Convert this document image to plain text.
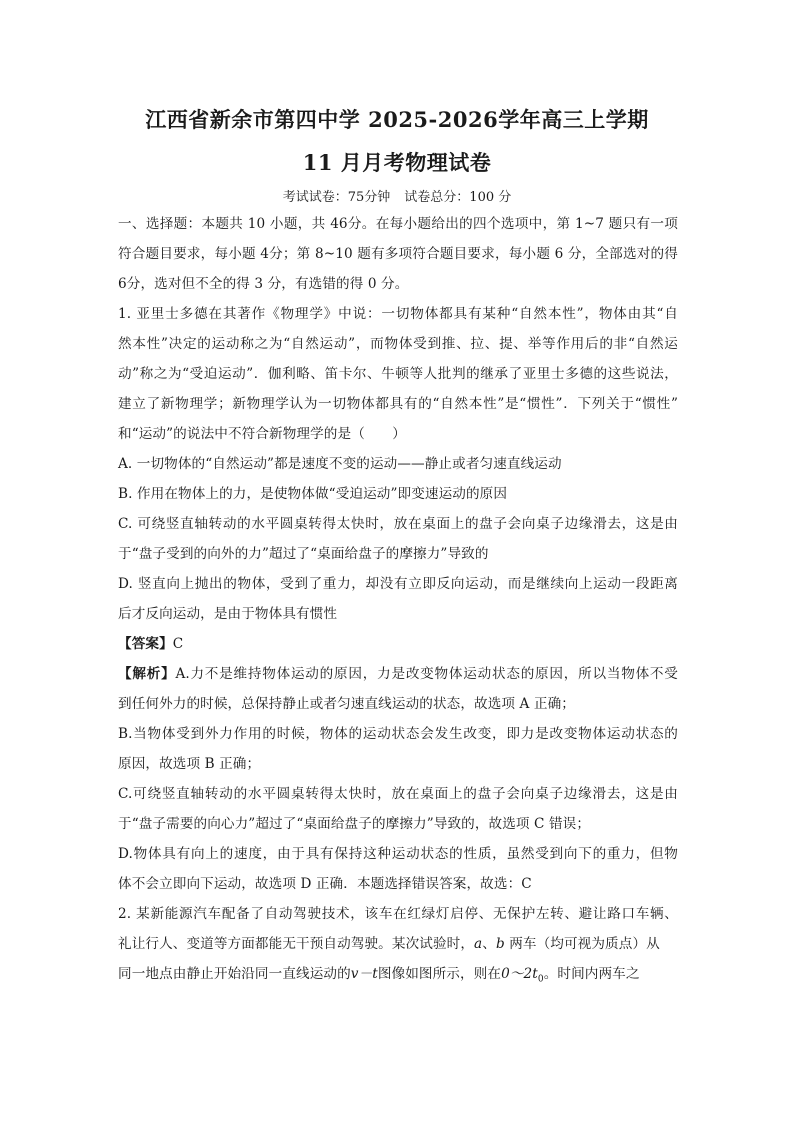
江西省新余市第四中学 2025-2026学年高三上学期
11 月月考物理试卷
考试试卷：75分钟 试卷总分：100 分
一、选择题：本题共 10 小题，共 46分。在每小题给出的四个选项中，第 1~7 题只有一项
符合题目要求，每小题 4分；第 8~10 题有多项符合题目要求，每小题 6 分，全部选对的得
6分，选对但不全的得 3 分，有选错的得 0 分。
1. 亚里士多德在其著作《物理学》中说：一切物体都具有某种“自然本性”，物体由其“自
然本性”决定的运动称之为“自然运动”，而物体受到推、拉、提、举等作用后的非“自然运
动”称之为“受迫运动”．伽利略、笛卡尔、牛顿等人批判的继承了亚里士多德的这些说法，
建立了新物理学；新物理学认为一切物体都具有的“自然本性”是“惯性”．下列关于“惯性”
和“运动”的说法中不符合新物理学的是（　　）
A. 一切物体的“自然运动”都是速度不变的运动——静止或者匀速直线运动
B. 作用在物体上的力，是使物体做“受迫运动”即变速运动的原因
C. 可绕竖直轴转动的水平圆桌转得太快时，放在桌面上的盘子会向桌子边缘滑去，这是由
于“盘子受到的向外的力”超过了“桌面给盘子的摩擦力”导致的
D. 竖直向上抛出的物体，受到了重力，却没有立即反向运动，而是继续向上运动一段距离
后才反向运动，是由于物体具有惯性
【答案】C
【解析】A.力不是维持物体运动的原因，力是改变物体运动状态的原因，所以当物体不受
到任何外力的时候，总保持静止或者匀速直线运动的状态，故选项 A 正确；
B.当物体受到外力作用的时候，物体的运动状态会发生改变，即力是改变物体运动状态的
原因，故选项 B 正确；
C.可绕竖直轴转动的水平圆桌转得太快时，放在桌面上的盘子会向桌子边缘滑去，这是由
于“盘子需要的向心力”超过了“桌面给盘子的摩擦力”导致的，故选项 C 错误；
D.物体具有向上的速度，由于具有保持这种运动状态的性质，虽然受到向下的重力，但物
体不会立即向下运动，故选项 D 正确．本题选择错误答案，故选：C
2. 某新能源汽车配备了自动驾驶技术，该车在红绿灯启停、无保护左转、避让路口车辆、
礼让行人、变道等方面都能无干预自动驾驶。某次试验时，a、b 两车（均可视为质点）从
同一地点由静止开始沿同一直线运动的v－t图像如图所示，则在$0\sim 2t_0$。时间内两车之
